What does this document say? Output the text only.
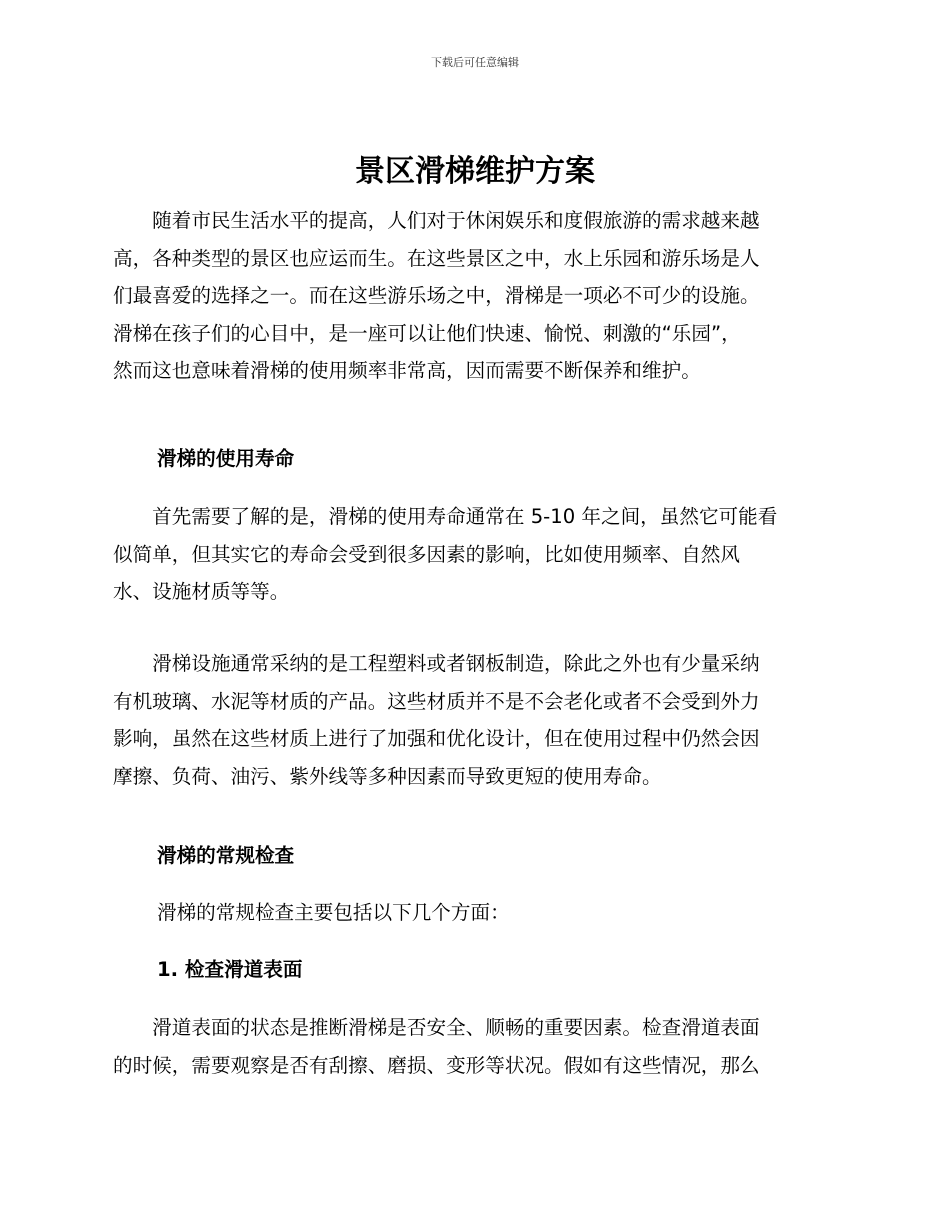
下载后可任意编辑
景区滑梯维护方案
　　随着市民生活水平的提高，人们对于休闲娱乐和度假旅游的需求越来越
高，各种类型的景区也应运而生。在这些景区之中，水上乐园和游乐场是人
们最喜爱的选择之一。而在这些游乐场之中，滑梯是一项必不可少的设施。
滑梯在孩子们的心目中，是一座可以让他们快速、愉悦、刺激的“乐园”，
然而这也意味着滑梯的使用频率非常高，因而需要不断保养和维护。
滑梯的使用寿命
　　首先需要了解的是，滑梯的使用寿命通常在 5-10 年之间，虽然它可能看
似简单，但其实它的寿命会受到很多因素的影响，比如使用频率、自然风
水、设施材质等等。
　　滑梯设施通常采纳的是工程塑料或者钢板制造，除此之外也有少量采纳
有机玻璃、水泥等材质的产品。这些材质并不是不会老化或者不会受到外力
影响，虽然在这些材质上进行了加强和优化设计，但在使用过程中仍然会因
摩擦、负荷、油污、紫外线等多种因素而导致更短的使用寿命。
滑梯的常规检查

滑梯的常规检查主要包括以下几个方面：

1. 检查滑道表面
　　滑道表面的状态是推断滑梯是否安全、顺畅的重要因素。检查滑道表面
的时候，需要观察是否有刮擦、磨损、变形等状况。假如有这些情况，那么
